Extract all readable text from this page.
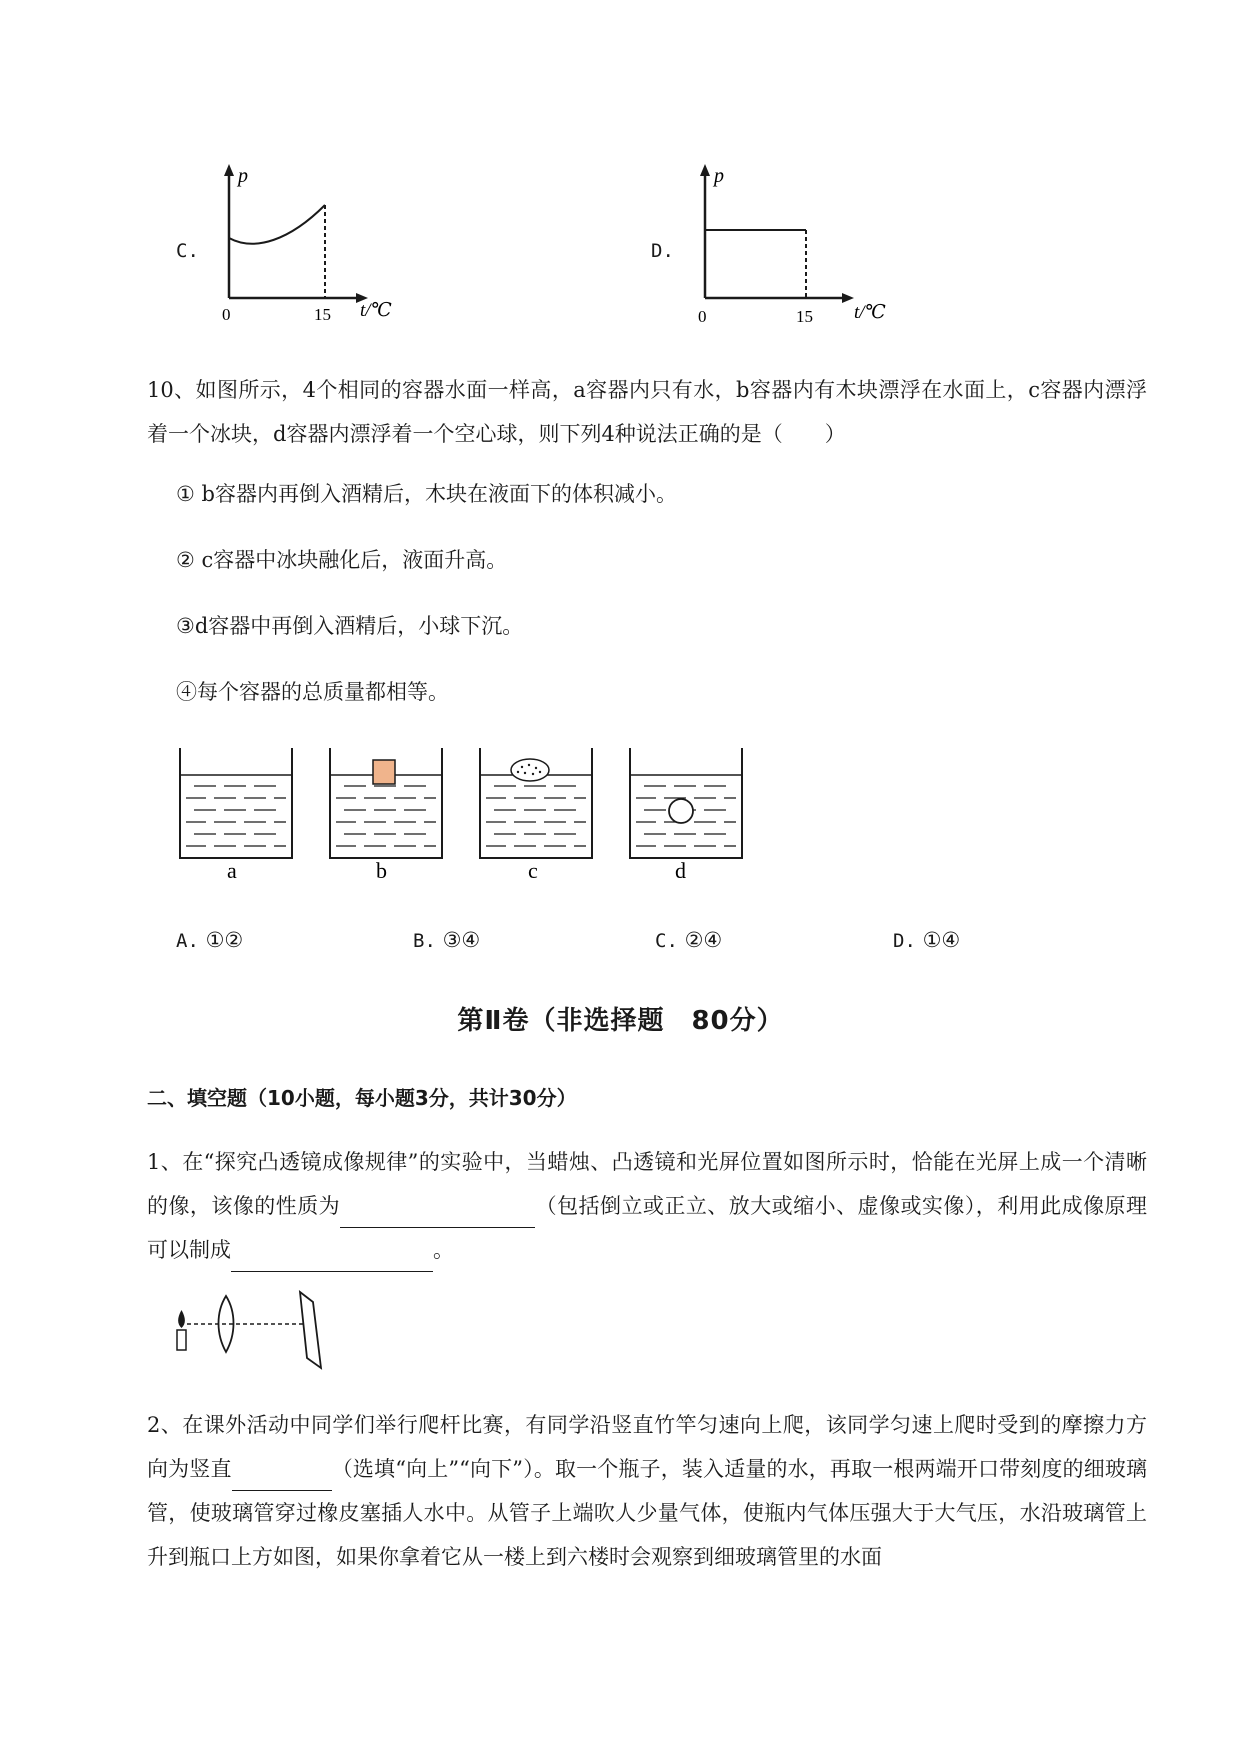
C.
p
0	15 t/℃
D.
p
0	15 t/℃
10、如图所示，4个相同的容器水面一样高，a容器内只有水，b容器内有木块漂浮在水面上，c容器内漂浮着一个冰块，d容器内漂浮着一个空心球，则下列4种说法正确的是（　　）
① b容器内再倒入酒精后，木块在液面下的体积减小。
② c容器中冰块融化后，液面升高。
③d容器中再倒入酒精后，小球下沉。
④每个容器的总质量都相等。
a	b	c	d
A. ①②	B. ③④	C. ②④	D. ①④
第Ⅱ卷（非选择题　80分）
二、填空题（10小题，每小题3分，共计30分）
1、在“探究凸透镜成像规律”的实验中，当蜡烛、凸透镜和光屏位置如图所示时，恰能在光屏上成一个清晰的像，该像的性质为	（包括倒立或正立、放大或缩小、虚像或实像），利用此成像原理可以制成	。
2、在课外活动中同学们举行爬杆比赛，有同学沿竖直竹竿匀速向上爬，该同学匀速上爬时受到的摩擦力方向为竖直	（选填“向上”“向下”）。取一个瓶子，装入适量的水，再取一根两端开口带刻度的细玻璃管，使玻璃管穿过橡皮塞插人水中。从管子上端吹人少量气体，使瓶内气体压强大于大气压，水沿玻璃管上升到瓶口上方如图，如果你拿着它从一楼上到六楼时会观察到细玻璃管里的水面
